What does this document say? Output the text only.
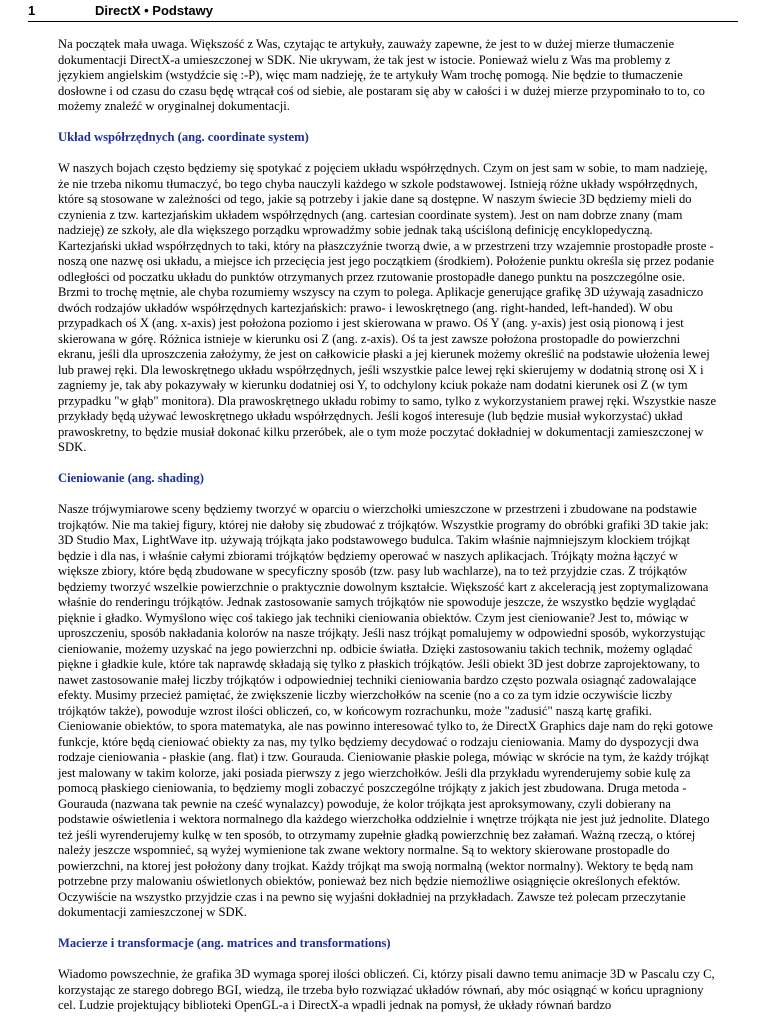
1	DirectX • Podstawy

Na początek mała uwaga. Większość z Was, czytając te artykuły, zauważy zapewne, że jest to w dużej mierze tłumaczenie dokumentacji DirectX-a umieszczonej w SDK. Nie ukrywam, że tak jest w istocie. Ponieważ wielu z Was ma problemy z językiem angielskim (wstydźcie się :-P), więc mam nadzieję, że te artykuły Wam trochę pomogą. Nie będzie to tłumaczenie dosłowne i od czasu do czasu będę wtrącał coś od siebie, ale postaram się aby w całości i w dużej mierze przypominało to to, co możemy znaleźć w oryginalnej dokumentacji.

Układ współrzędnych (ang. coordinate system)

W naszych bojach często będziemy się spotykać z pojęciem układu współrzędnych. Czym on jest sam w sobie, to mam nadzieję, że nie trzeba nikomu tłumaczyć, bo tego chyba nauczyli każdego w szkole podstawowej. Istnieją różne układy współrzędnych, które są stosowane w zależności od tego, jakie są potrzeby i jakie dane są dostępne. W naszym świecie 3D będziemy mieli do czynienia z tzw. kartezjańskim układem współrzędnych (ang. cartesian coordinate system). Jest on nam dobrze znany (mam nadzieję) ze szkoły, ale dla większego porządku wprowadźmy sobie jednak taką uściśloną definicję encyklopedyczną.

Kartezjański układ współrzędnych to taki, który na płaszczyźnie tworzą dwie, a w przestrzeni trzy wzajemnie prostopadłe proste - noszą one nazwę osi układu, a miejsce ich przecięcia jest jego początkiem (środkiem). Położenie punktu określa się przez podanie odległości od poczatku układu do punktów otrzymanych przez rzutowanie prostopadłe danego punktu na poszczególne osie. Brzmi to trochę mętnie, ale chyba rozumiemy wszyscy na czym to polega. Aplikacje generujące grafikę 3D używają zasadniczo dwóch rodzajów układów współrzędnych kartezjańskich: prawo- i lewoskrętnego (ang. right-handed, left-handed). W obu przypadkach oś X (ang. x-axis) jest położona poziomo i jest skierowana w prawo. Oś Y (ang. y-axis) jest osią pionową i jest skierowana w górę. Różnica istnieje w kierunku osi Z (ang. z-axis). Oś ta jest zawsze położona prostopadle do powierzchni ekranu, jeśli dla uproszczenia założymy, że jest on całkowicie płaski a jej kierunek możemy określić na podstawie ułożenia lewej lub prawej ręki. Dla lewoskrętnego układu współrzędnych, jeśli wszystkie palce lewej ręki skierujemy w dodatnią stronę osi X i zagniemy je, tak aby pokazywały w kierunku dodatniej osi Y, to odchylony kciuk pokaże nam dodatni kierunek osi Z (w tym przypadku "w głąb" monitora). Dla prawoskrętnego układu robimy to samo, tylko z wykorzystaniem prawej ręki. Wszystkie nasze przykłady będą używać lewoskrętnego układu współrzędnych. Jeśli kogoś interesuje (lub będzie musiał wykorzystać) układ prawoskretny, to będzie musiał dokonać kilku przeróbek, ale o tym może poczytać dokładniej w dokumentacji zamieszczonej w SDK.

Cieniowanie (ang. shading)

Nasze trójwymiarowe sceny będziemy tworzyć w oparciu o wierzchołki umieszczone w przestrzeni i zbudowane na podstawie trojkątów. Nie ma takiej figury, której nie dałoby się zbudować z trójkątów. Wszystkie programy do obróbki grafiki 3D takie jak: 3D Studio Max, LightWave itp. używają trójkąta jako podstawowego budulca. Takim właśnie najmniejszym klockiem trójkąt będzie i dla nas, i właśnie całymi zbiorami trójkątów będziemy operować w naszych aplikacjach. Trójkąty można łączyć w większe zbiory, które będą zbudowane w specyficzny sposób (tzw. pasy lub wachlarze), na to też przyjdzie czas. Z trójkątów będziemy tworzyć wszelkie powierzchnie o praktycznie dowolnym kształcie. Większość kart z akceleracją jest zoptymalizowana właśnie do renderingu trójkątów. Jednak zastosowanie samych trójkątów nie spowoduje jeszcze, że wszystko będzie wyglądać pięknie i gładko. Wymyślono więc coś takiego jak techniki cieniowania obiektów. Czym jest cieniowanie? Jest to, mówiąc w uproszczeniu, sposób nakładania kolorów na nasze trójkąty. Jeśli nasz trójkąt pomalujemy w odpowiedni sposób, wykorzystując cieniowanie, możemy uzyskać na jego powierzchni np. odbicie światła. Dzięki zastosowaniu takich technik, możemy oglądać piękne i gładkie kule, które tak naprawdę składają się tylko z płaskich trójkątów. Jeśli obiekt 3D jest dobrze zaprojektowany, to nawet zastosowanie małej liczby trójkątów i odpowiedniej techniki cieniowania bardzo często pozwala osiagnąć zadowalające efekty. Musimy przecież pamiętać, że zwiększenie liczby wierzchołków na scenie (no a co za tym idzie oczywiście liczby trójkątów także), powoduje wzrost ilości obliczeń, co, w końcowym rozrachunku, może "zadusić" naszą kartę grafiki. Cieniowanie obiektów, to spora matematyka, ale nas powinno interesować tylko to, że DirectX Graphics daje nam do ręki gotowe funkcje, które będą cieniować obiekty za nas, my tylko będziemy decydować o rodzaju cieniowania. Mamy do dyspozycji dwa rodzaje cieniowania - płaskie (ang. flat) i tzw. Gourauda. Cieniowanie płaskie polega, mówiąc w skrócie na tym, że każdy trójkąt jest malowany w takim kolorze, jaki posiada pierwszy z jego wierzchołków. Jeśli dla przykładu wyrenderujemy sobie kulę za pomocą płaskiego cieniowania, to będziemy mogli zobaczyć poszczególne trójkąty z jakich jest zbudowana. Druga metoda - Gourauda (nazwana tak pewnie na cześć wynalazcy) powoduje, że kolor trójkąta jest aproksymowany, czyli dobierany na podstawie oświetlenia i wektora normalnego dla każdego wierzchołka oddzielnie i wnętrze trójkąta nie jest już jednolite. Dlatego też jeśli wyrenderujemy kulkę w ten sposób, to otrzymamy zupełnie gładką powierzchnię bez załamań. Ważną rzeczą, o której należy jeszcze wspomnieć, są wyżej wymienione tak zwane wektory normalne. Są to wektory skierowane prostopadle do powierzchni, na ktorej jest położony dany trojkat. Każdy trójkąt ma swoją normalną (wektor normalny). Wektory te będą nam potrzebne przy malowaniu oświetlonych obiektów, ponieważ bez nich będzie niemożliwe osiągnięcie określonych efektów. Oczywiście na wszystko przyjdzie czas i na pewno się wyjaśni dokładniej na przykładach. Zawsze też polecam przeczytanie dokumentacji zamieszczonej w SDK.

Macierze i transformacje (ang. matrices and transformations)

Wiadomo powszechnie, że grafika 3D wymaga sporej ilości obliczeń. Ci, którzy pisali dawno temu animacje 3D w Pascalu czy C, korzystając ze starego dobrego BGI, wiedzą, ile trzeba było rozwiązać układów równań, aby móc osiągnąć w końcu upragniony cel. Ludzie projektujący biblioteki OpenGL-a i DirectX-a wpadli jednak na pomysł, że układy równań bardzo
